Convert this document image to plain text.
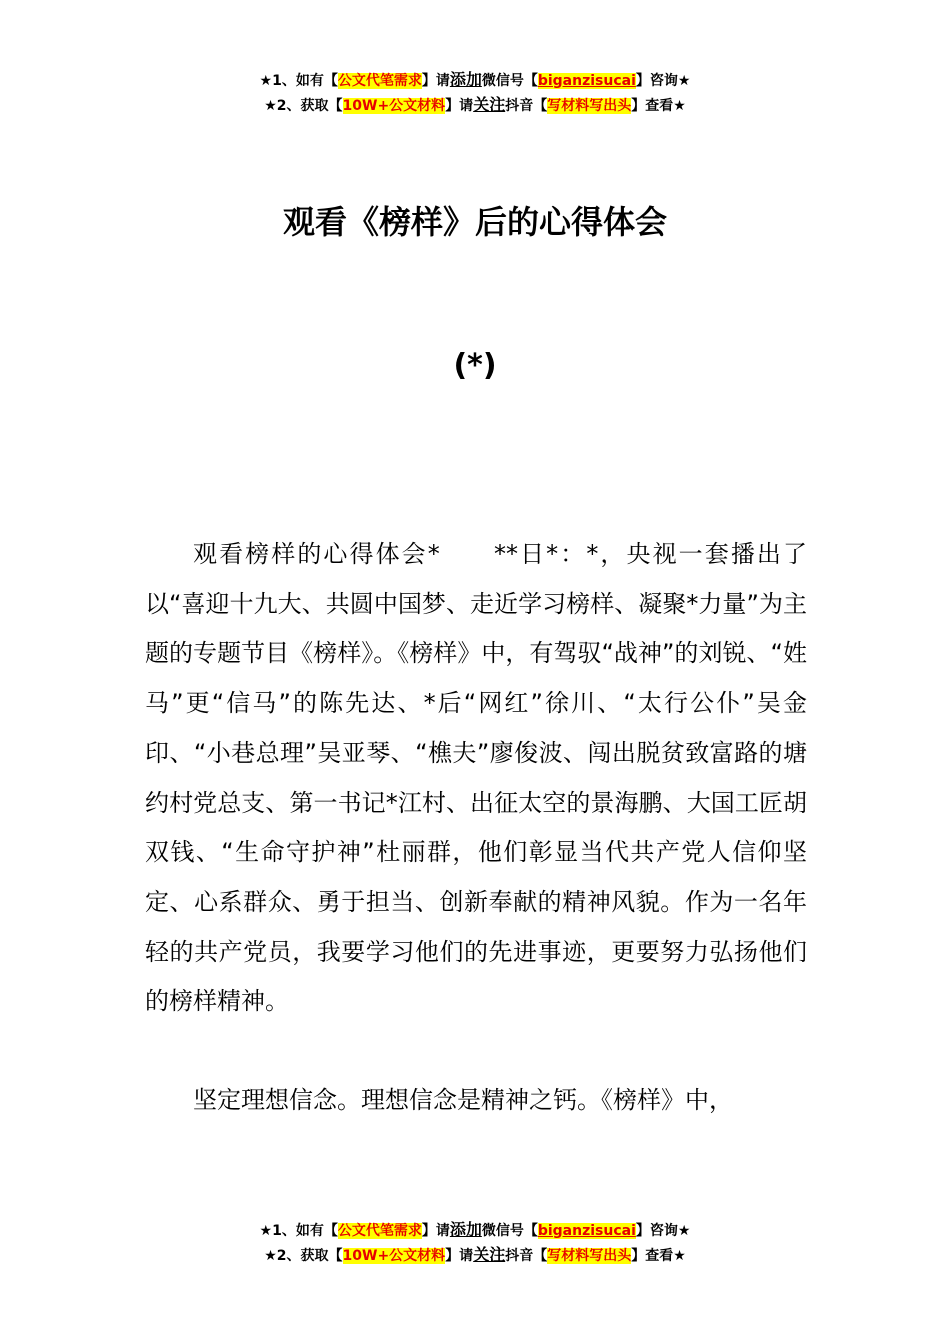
★1、如有【公文代笔需求】请添加微信号【biganzisucai】咨询★
★2、获取【10W+公文材料】请关注抖音【写材料写出头】查看★
观看《榜样》后的心得体会
(*)

观看榜样的心得体会*　　**日*：*，央视一套播出了以“喜迎十九大、共圆中国梦、走近学习榜样、凝聚*力量”为主题的专题节目《榜样》。《榜样》中，有驾驭“战神”的刘锐、“姓马”更“信马”的陈先达、*后“网红”徐川、“太行公仆”吴金印、“小巷总理”吴亚琴、“樵夫”廖俊波、闯出脱贫致富路的塘约村党总支、第一书记*江村、出征太空的景海鹏、大国工匠胡双钱、“生命守护神”杜丽群，他们彰显当代共产党人信仰坚定、心系群众、勇于担当、创新奉献的精神风貌。作为一名年轻的共产党员，我要学习他们的先进事迹，更要努力弘扬他们的榜样精神。

坚定理想信念。理想信念是精神之钙。《榜样》中，

★1、如有【公文代笔需求】请添加微信号【biganzisucai】咨询★
★2、获取【10W+公文材料】请关注抖音【写材料写出头】查看★
